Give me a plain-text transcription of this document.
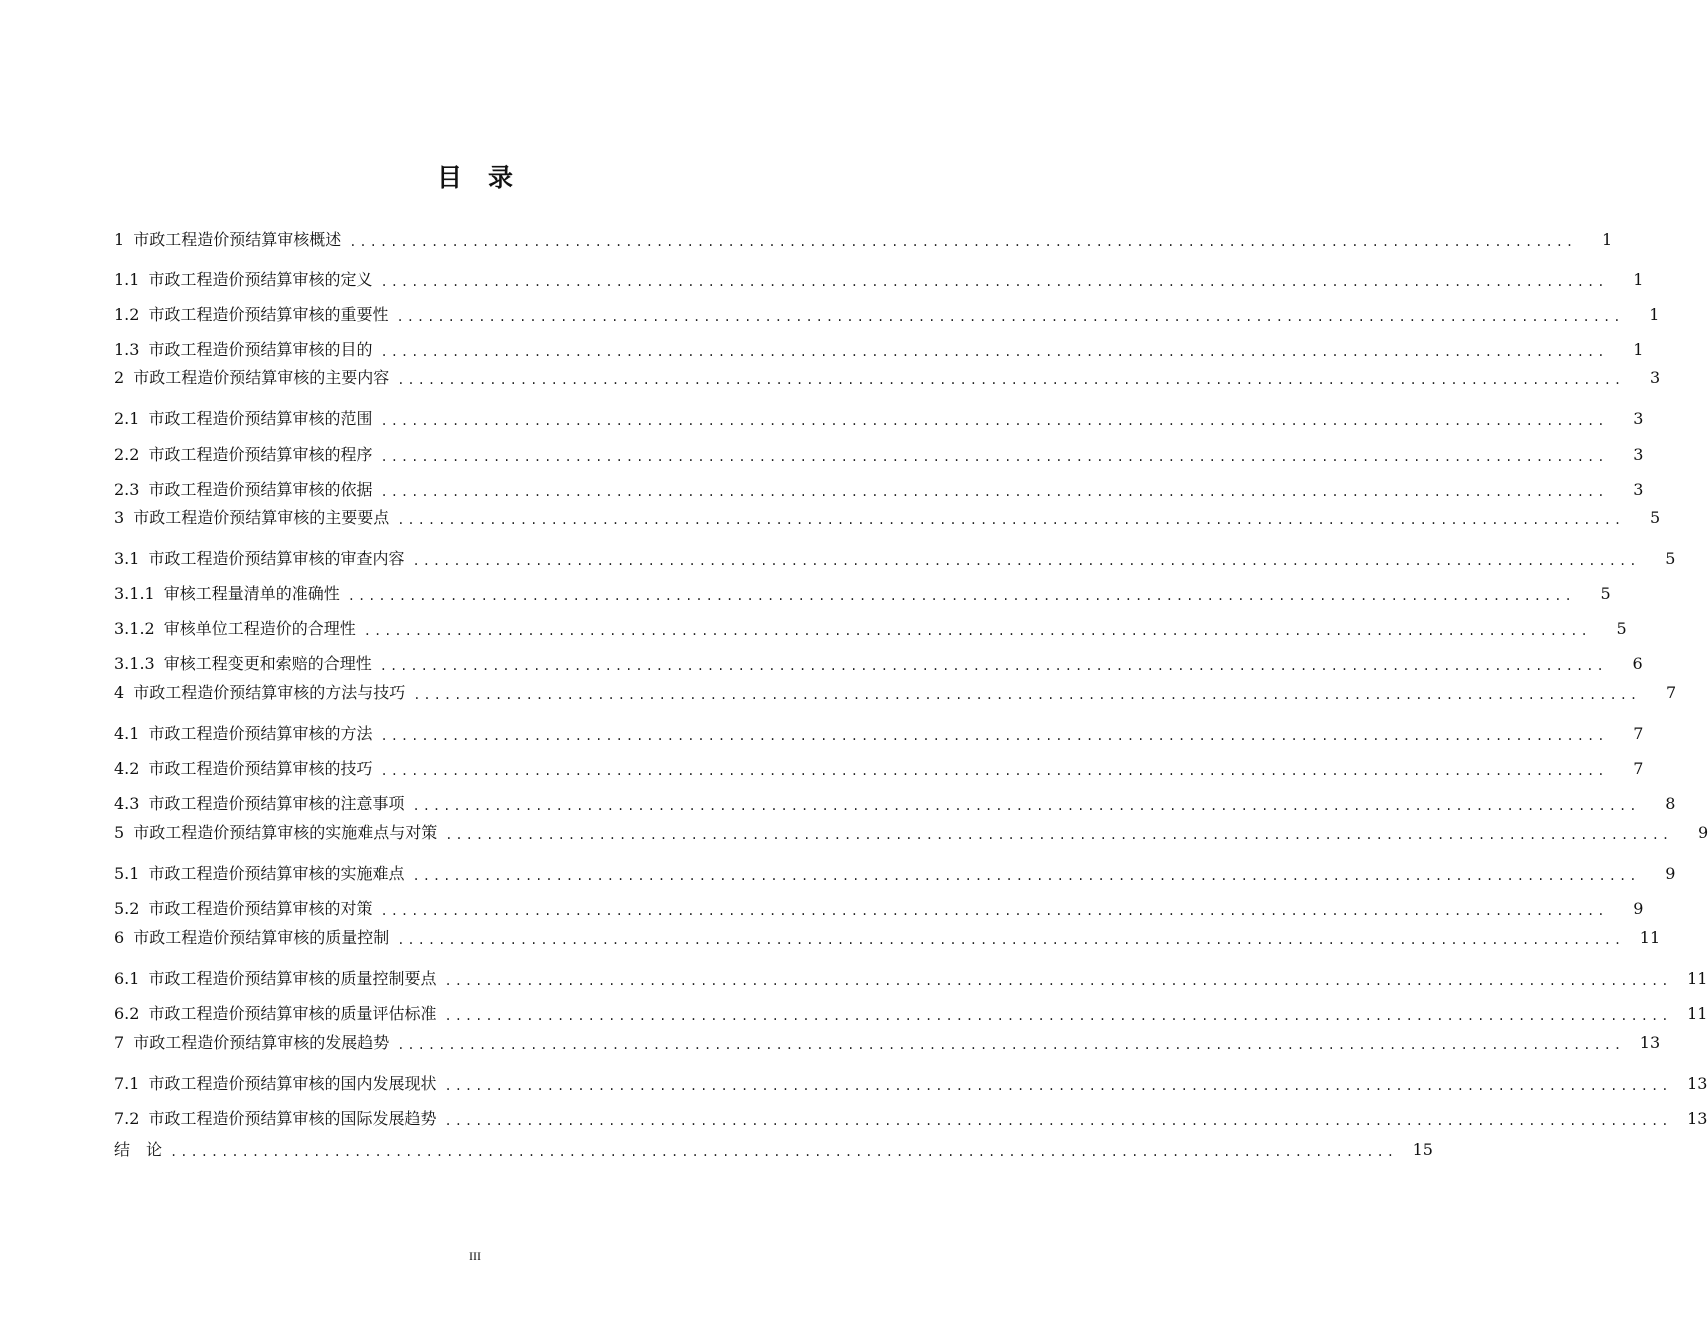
目 录
1 市政工程造价预结算审核概述 ........................................................................................................................	1
1.1 市政工程造价预结算审核的定义 ........................................................................................................................	1
1.2 市政工程造价预结算审核的重要性 ........................................................................................................................	1
1.3 市政工程造价预结算审核的目的 ........................................................................................................................	1
2 市政工程造价预结算审核的主要内容 ........................................................................................................................	3
2.1 市政工程造价预结算审核的范围 ........................................................................................................................	3
2.2 市政工程造价预结算审核的程序 ........................................................................................................................	3
2.3 市政工程造价预结算审核的依据 ........................................................................................................................	3
3 市政工程造价预结算审核的主要要点 ........................................................................................................................	5
3.1 市政工程造价预结算审核的审查内容 ........................................................................................................................	5
3.1.1 审核工程量清单的准确性 ........................................................................................................................	5
3.1.2 审核单位工程造价的合理性 ........................................................................................................................	5
3.1.3 审核工程变更和索赔的合理性 ........................................................................................................................	6
4 市政工程造价预结算审核的方法与技巧 ........................................................................................................................	7
4.1 市政工程造价预结算审核的方法 ........................................................................................................................	7
4.2 市政工程造价预结算审核的技巧 ........................................................................................................................	7
4.3 市政工程造价预结算审核的注意事项 ........................................................................................................................	8
5 市政工程造价预结算审核的实施难点与对策 ........................................................................................................................	9
5.1 市政工程造价预结算审核的实施难点 ........................................................................................................................	9
5.2 市政工程造价预结算审核的对策 ........................................................................................................................	9
6 市政工程造价预结算审核的质量控制 ........................................................................................................................ 11
6.1 市政工程造价预结算审核的质量控制要点 ........................................................................................................................ 11
6.2 市政工程造价预结算审核的质量评估标准 ........................................................................................................................ 11
7 市政工程造价预结算审核的发展趋势 ........................................................................................................................ 13
7.1 市政工程造价预结算审核的国内发展现状 ........................................................................................................................ 13
7.2 市政工程造价预结算审核的国际发展趋势 ........................................................................................................................ 13
结　论 ........................................................................................................................ 15
III
